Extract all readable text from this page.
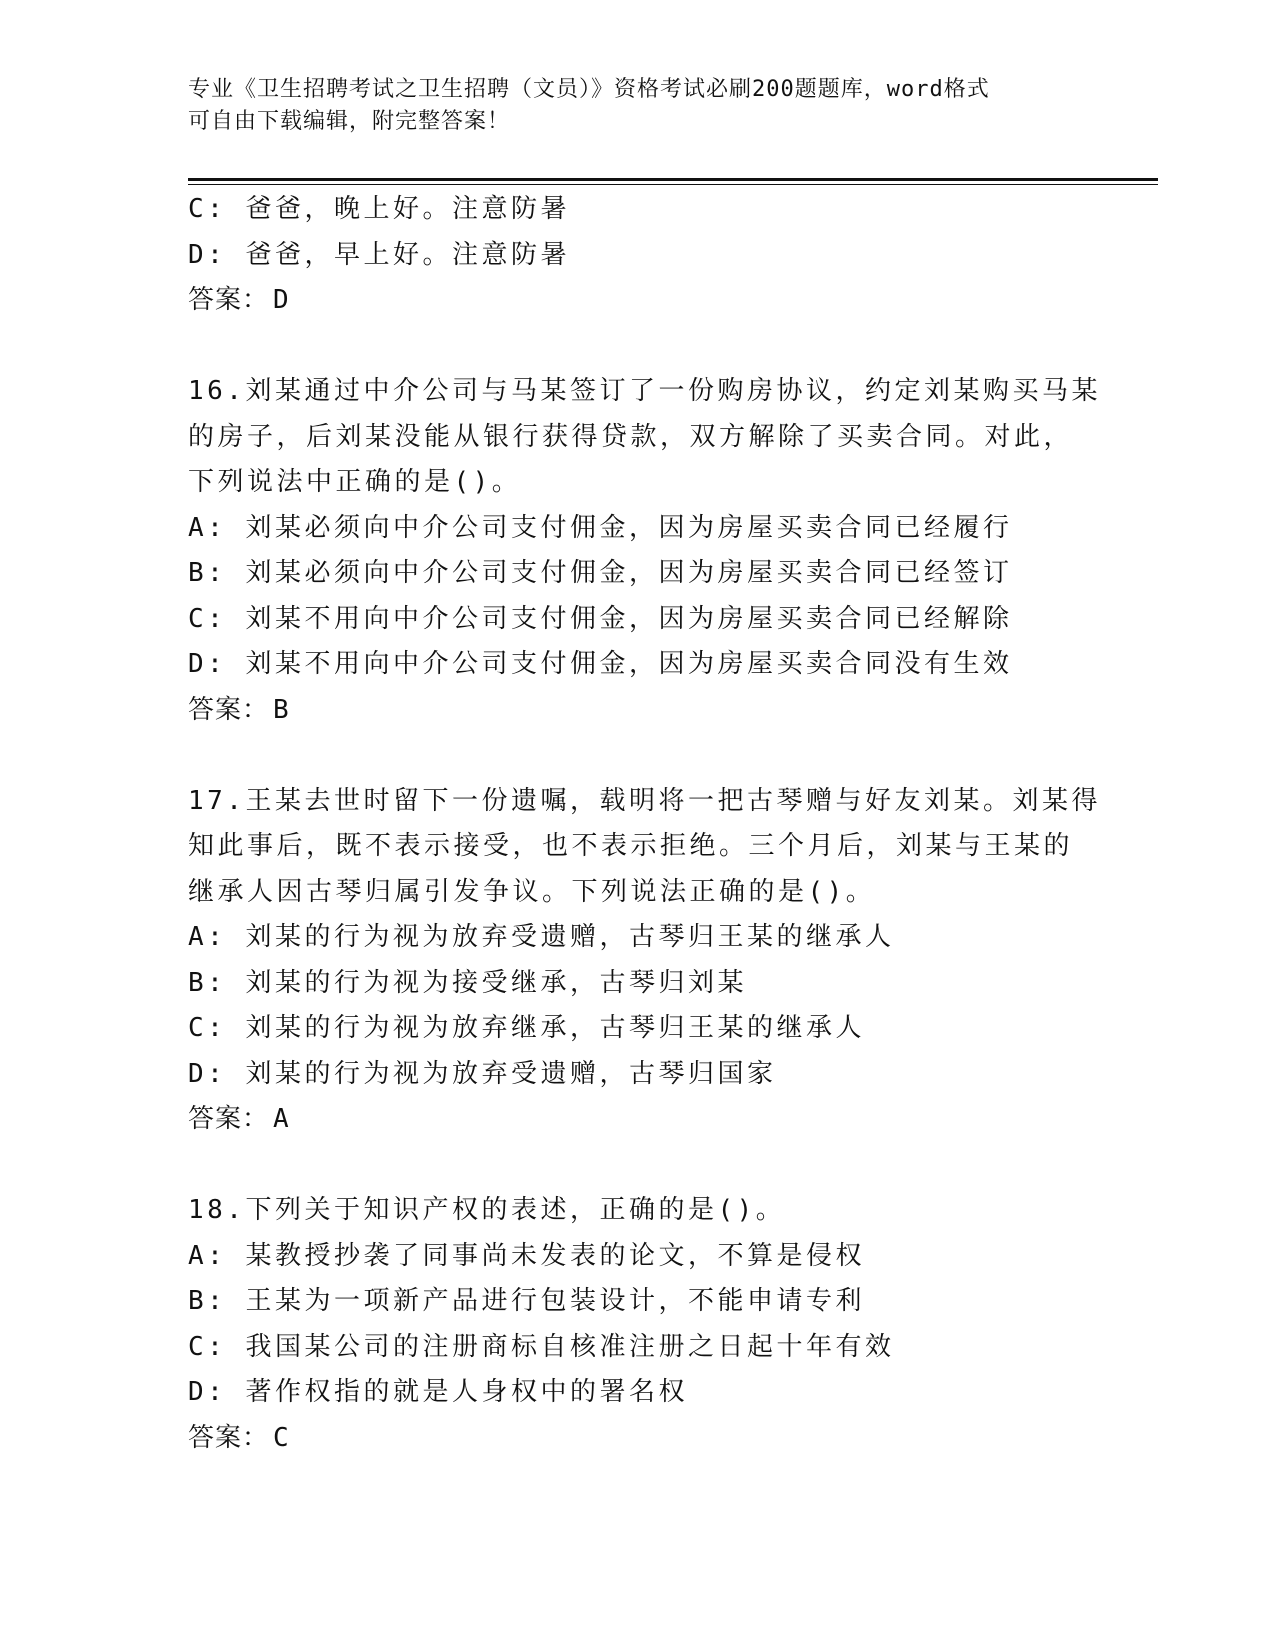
专业《卫生招聘考试之卫生招聘（文员）》资格考试必刷200题题库，word格式
可自由下载编辑，附完整答案！
C: 爸爸，晚上好。注意防暑
D: 爸爸，早上好。注意防暑
答案： D
16.刘某通过中介公司与马某签订了一份购房协议，约定刘某购买马某
的房子，后刘某没能从银行获得贷款，双方解除了买卖合同。对此，
下列说法中正确的是()。
A: 刘某必须向中介公司支付佣金，因为房屋买卖合同已经履行
B: 刘某必须向中介公司支付佣金，因为房屋买卖合同已经签订
C: 刘某不用向中介公司支付佣金，因为房屋买卖合同已经解除
D: 刘某不用向中介公司支付佣金，因为房屋买卖合同没有生效
答案： B
17.王某去世时留下一份遗嘱，载明将一把古琴赠与好友刘某。刘某得
知此事后，既不表示接受，也不表示拒绝。三个月后，刘某与王某的
继承人因古琴归属引发争议。下列说法正确的是()。
A: 刘某的行为视为放弃受遗赠，古琴归王某的继承人
B: 刘某的行为视为接受继承，古琴归刘某
C: 刘某的行为视为放弃继承，古琴归王某的继承人
D: 刘某的行为视为放弃受遗赠，古琴归国家
答案： A
18.下列关于知识产权的表述，正确的是()。
A: 某教授抄袭了同事尚未发表的论文，不算是侵权
B: 王某为一项新产品进行包装设计，不能申请专利
C: 我国某公司的注册商标自核准注册之日起十年有效
D: 著作权指的就是人身权中的署名权
答案： C
